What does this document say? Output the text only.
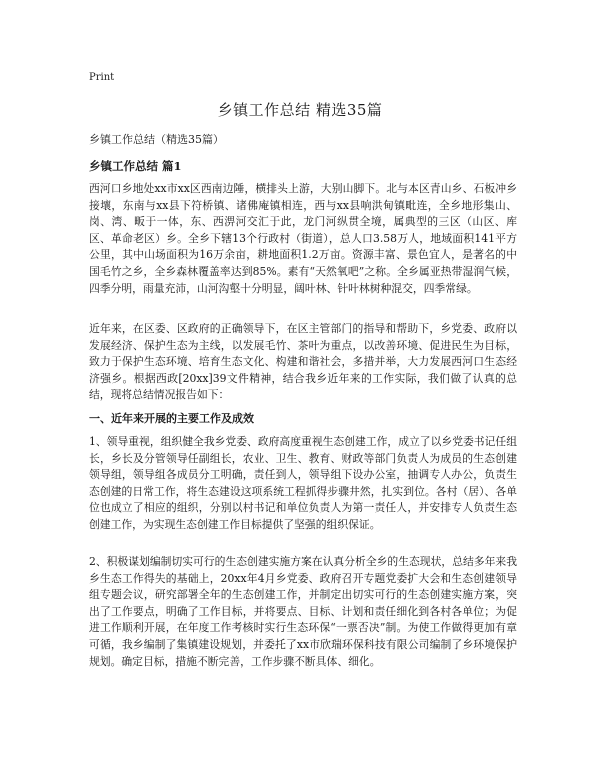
Print
乡镇工作总结 精选35篇

乡镇工作总结（精选35篇）

乡镇工作总结 篇1

西河口乡地处xx市xx区西南边陲，横排头上游，大别山脚下。北与本区青山乡、石板冲乡接壤，东南与xx县下符桥镇、诸佛庵镇相连，西与xx县响洪甸镇毗连，全乡地形集山、岗、湾、畈于一体，东、西淠河交汇于此，龙门河纵贯全境，属典型的三区（山区、库区、革命老区）乡。全乡下辖13个行政村（街道），总人口3.58万人，地域面积141平方公里，其中山场面积为16万余亩，耕地面积1.2万亩。资源丰富、景色宜人，是著名的中国毛竹之乡，全乡森林覆盖率达到85%。素有“天然氧吧”之称。全乡属亚热带湿润气候，四季分明，雨量充沛，山河沟壑十分明显，阔叶林、针叶林树种混交，四季常绿。

近年来，在区委、区政府的正确领导下，在区主管部门的指导和帮助下，乡党委、政府以发展经济、保护生态为主线，以发展毛竹、茶叶为重点，以改善环境、促进民生为目标，致力于保护生态环境、培育生态文化、构建和谐社会，多措并举，大力发展西河口生态经济强乡。根据西政[20xx]39文件精神，结合我乡近年来的工作实际，我们做了认真的总结，现将总结情况报告如下：

一、近年来开展的主要工作及成效

1、领导重视，组织健全我乡党委、政府高度重视生态创建工作，成立了以乡党委书记任组长，乡长及分管领导任副组长，农业、卫生、教育、财政等部门负责人为成员的生态创建领导组，领导组各成员分工明确，责任到人，领导组下设办公室，抽调专人办公，负责生态创建的日常工作，将生态建设这项系统工程抓得步骤井然，扎实到位。各村（居）、各单位也成立了相应的组织，分别以村书记和单位负责人为第一责任人，并安排专人负责生态创建工作，为实现生态创建工作目标提供了坚强的组织保证。

2、积极谋划编制切实可行的生态创建实施方案在认真分析全乡的生态现状，总结多年来我乡生态工作得失的基础上，20xx年4月乡党委、政府召开专题党委扩大会和生态创建领导组专题会议，研究部署全年的生态创建工作，并制定出切实可行的生态创建实施方案，突出了工作要点，明确了工作目标，并将要点、目标、计划和责任细化到各村各单位；为促进工作顺利开展，在年度工作考核时实行生态环保“一票否决”制。为使工作做得更加有章可循，我乡编制了集镇建设规划，并委托了xx市欣瑞环保科技有限公司编制了乡环境保护规划。确定目标，措施不断完善，工作步骤不断具体、细化。
